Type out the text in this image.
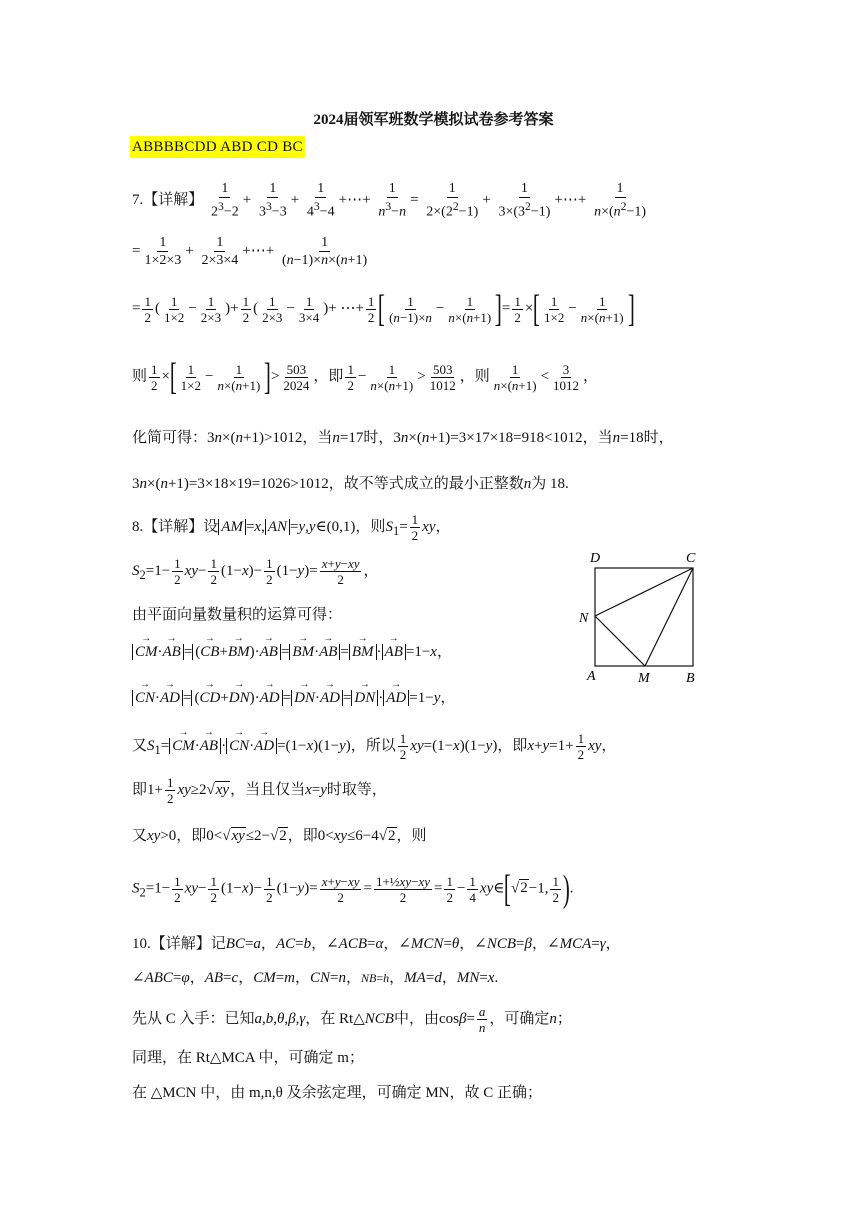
2024届领军班数学模拟试卷参考答案
ABBBBCDD ABD CD BC
7.【详解】 $\frac{1}{2^3-2} + \frac{1}{3^3-3} + \frac{1}{4^3-4}$ +⋯+ $\frac{1}{n^3-n} = \frac{1}{2\times(2^2-1)} + \frac{1}{3\times(3^2-1)}$ +⋯+ $\frac{1}{n\times(n^2-1)}$
= $\frac{1}{1\times 2\times 3} + \frac{1}{2\times 3\times 4}$ +⋯+ $\frac{1}{(n-1)\times n\times(n+1)}$
= $\frac{1}{2}$ ( $\frac{1}{1\times 2} - \frac{1}{2\times 3}$ )+ $\frac{1}{2}$ ( $\frac{1}{2\times 3} - \frac{1}{3\times 4}$ )+ ⋯+ $\frac{1}{2}$ [ $\frac{1}{(n-1)\times n} - \frac{1}{n\times(n+1)}$ ]= $\frac{1}{2}$ ×[ $\frac{1}{1\times 2} - \frac{1}{n\times(n+1)}$ ]
则 $\frac{1}{2}$ ×[ $\frac{1}{1\times 2} - \frac{1}{n\times(n+1)}$ ]> $\frac{503}{2024}$ ，即 $\frac{1}{2} - \frac{1}{n\times(n+1)} > \frac{503}{1012}$ ，则 $\frac{1}{n\times(n+1)} < \frac{3}{1012}$ ，
化简可得：3n×(n+1)>1012，当n=17时，3n×(n+1)=3×17×18=918<1012，当n=18时，
3n×(n+1)=3×18×19=1026>1012，故不等式成立的最小正整数n为 18.
8.【详解】设 AM =x, AN =y,y∈(0,1)，则$S_1= \frac{1}{2}$ xy，
$S_2=1- \frac{1}{2} xy- \frac{1}{2} (1-x)- \frac{1}{2} (1-y)= \frac{x+y-xy}{2}$ ，
由平面向量数量积的运算可得：
→ CM·→ AB = (→ CB+→ BM)·→ AB = → BM·→ AB = → BM · → AB =1−x，
→ CN·→ AD = (→ CD+→ DN)·→ AD = → DN·→ AD = → DN · → AD =1−y，
又$S_1= \to CM\cdot\to$ AB · → CN·→ AD =(1−x)(1−y)，所以 $\frac{1}{2} xy=(1-x)(1-y)$，即$x+y=1+ \frac{1}{2}$ xy，
即$1+ \frac{1}{2} xy\ge 2√xy$，当且仅当x=y时取等，
又xy>0，即0<√xy≤2−√2，即0<xy≤6−4√2，则
$S_2=1- \frac{1}{2} xy- \frac{1}{2} (1-x)- \frac{1}{2} (1-y)= \frac{x+y-xy}{2} = \frac{\text{1+½xy−xy}}{2} = \frac{1}{2} - \frac{1}{4}$ xy∈[√2−1, $\frac{1}{2}$ ).
D	C
N
A	M	B
10.【详解】记BC=a，AC=b，∠ACB=α，∠MCN=θ，∠NCB=β，∠MCA=γ，
∠ABC=φ，AB=c，CM=m，CN=n，NB=h，MA=d，MN=x.
先从 C 入手：已知a,b,θ,β,γ，在 Rt△NCB中，由$\cos\beta= \frac{a}{n}$ ，可确定n；
同理，在 Rt△MCA 中，可确定 m；
在 △MCN 中，由 m,n,θ 及余弦定理，可确定 MN，故 C 正确；
